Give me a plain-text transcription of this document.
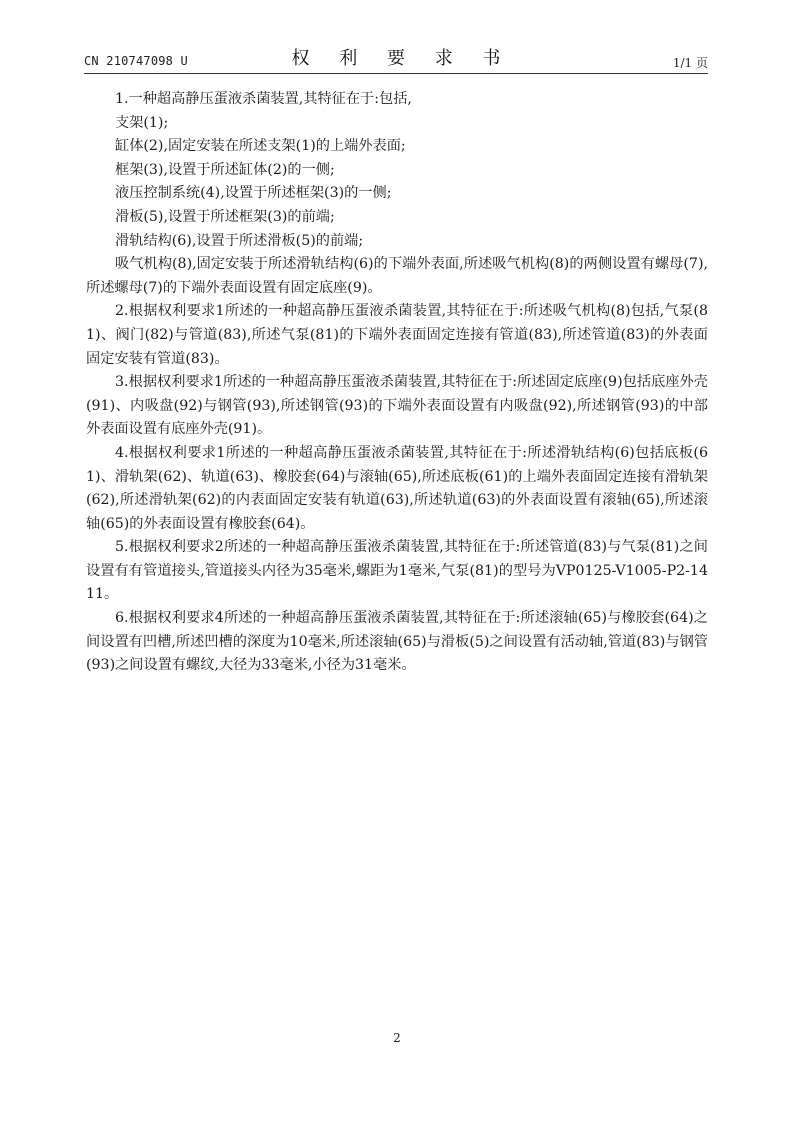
CN 210747098 U	权 利 要 求 书	1/1 页

1.一种超高静压蛋液杀菌装置,其特征在于:包括,

支架(1);

缸体(2),固定安装在所述支架(1)的上端外表面;

框架(3),设置于所述缸体(2)的一侧;

液压控制系统(4),设置于所述框架(3)的一侧;

滑板(5),设置于所述框架(3)的前端;

滑轨结构(6),设置于所述滑板(5)的前端;

吸气机构(8),固定安装于所述滑轨结构(6)的下端外表面,所述吸气机构(8)的两侧设置有螺母(7),所述螺母(7)的下端外表面设置有固定底座(9)。

2.根据权利要求1所述的一种超高静压蛋液杀菌装置,其特征在于:所述吸气机构(8)包括,气泵(81)、阀门(82)与管道(83),所述气泵(81)的下端外表面固定连接有管道(83),所述管道(83)的外表面固定安装有管道(83)。

3.根据权利要求1所述的一种超高静压蛋液杀菌装置,其特征在于:所述固定底座(9)包括底座外壳(91)、内吸盘(92)与钢管(93),所述钢管(93)的下端外表面设置有内吸盘(92),所述钢管(93)的中部外表面设置有底座外壳(91)。

4.根据权利要求1所述的一种超高静压蛋液杀菌装置,其特征在于:所述滑轨结构(6)包括底板(61)、滑轨架(62)、轨道(63)、橡胶套(64)与滚轴(65),所述底板(61)的上端外表面固定连接有滑轨架(62),所述滑轨架(62)的内表面固定安装有轨道(63),所述轨道(63)的外表面设置有滚轴(65),所述滚轴(65)的外表面设置有橡胶套(64)。

5.根据权利要求2所述的一种超高静压蛋液杀菌装置,其特征在于:所述管道(83)与气泵(81)之间设置有有管道接头,管道接头内径为35毫米,螺距为1毫米,气泵(81)的型号为VP0125-V1005-P2-1411。

6.根据权利要求4所述的一种超高静压蛋液杀菌装置,其特征在于:所述滚轴(65)与橡胶套(64)之间设置有凹槽,所述凹槽的深度为10毫米,所述滚轴(65)与滑板(5)之间设置有活动轴,管道(83)与钢管(93)之间设置有螺纹,大径为33毫米,小径为31毫米。

2
